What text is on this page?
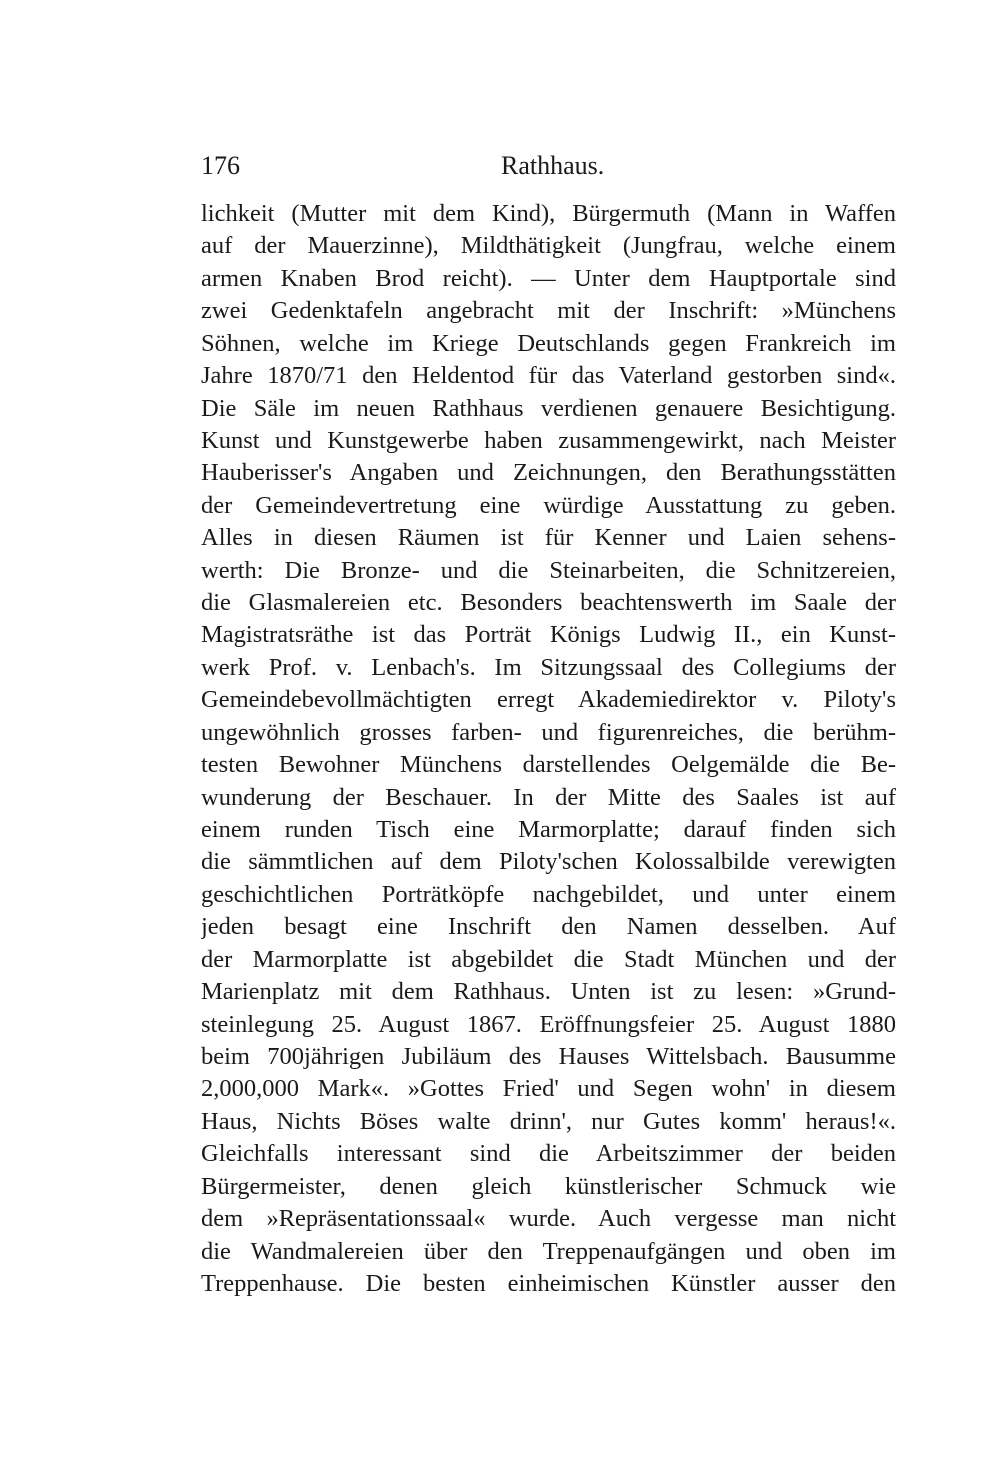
176	Rathhaus.
lichkeit (Mutter mit dem Kind), Bürgermuth (Mann in Waffen
auf der Mauerzinne), Mildthätigkeit (Jungfrau, welche einem
armen Knaben Brod reicht). — Unter dem Hauptportale sind
zwei Gedenktafeln angebracht mit der Inschrift: »Münchens
Söhnen, welche im Kriege Deutschlands gegen Frankreich im
Jahre 1870/71 den Heldentod für das Vaterland gestorben sind«.
Die Säle im neuen Rathhaus verdienen genauere Besichtigung.
Kunst und Kunstgewerbe haben zusammengewirkt, nach Meister
Hauberisser's Angaben und Zeichnungen, den Berathungsstätten
der Gemeindevertretung eine würdige Ausstattung zu geben.
Alles in diesen Räumen ist für Kenner und Laien sehens-
werth: Die Bronze- und die Steinarbeiten, die Schnitzereien,
die Glasmalereien etc. Besonders beachtenswerth im Saale der
Magistratsräthe ist das Porträt Königs Ludwig II., ein Kunst-
werk Prof. v. Lenbach's. Im Sitzungssaal des Collegiums der
Gemeindebevollmächtigten erregt Akademiedirektor v. Piloty's
ungewöhnlich grosses farben- und figurenreiches, die berühm-
testen Bewohner Münchens darstellendes Oelgemälde die Be-
wunderung der Beschauer. In der Mitte des Saales ist auf
einem runden Tisch eine Marmorplatte; darauf finden sich
die sämmtlichen auf dem Piloty'schen Kolossalbilde verewigten
geschichtlichen Porträtköpfe nachgebildet, und unter einem
jeden besagt eine Inschrift den Namen desselben. Auf
der Marmorplatte ist abgebildet die Stadt München und der
Marienplatz mit dem Rathhaus. Unten ist zu lesen: »Grund-
steinlegung 25. August 1867. Eröffnungsfeier 25. August 1880
beim 700jährigen Jubiläum des Hauses Wittelsbach. Bausumme
2,000,000 Mark«. »Gottes Fried' und Segen wohn' in diesem
Haus, Nichts Böses walte drinn', nur Gutes komm' heraus!«.
Gleichfalls interessant sind die Arbeitszimmer der beiden
Bürgermeister, denen gleich künstlerischer Schmuck wie
dem »Repräsentationssaal« wurde. Auch vergesse man nicht
die Wandmalereien über den Treppenaufgängen und oben im
Treppenhause. Die besten einheimischen Künstler ausser den
